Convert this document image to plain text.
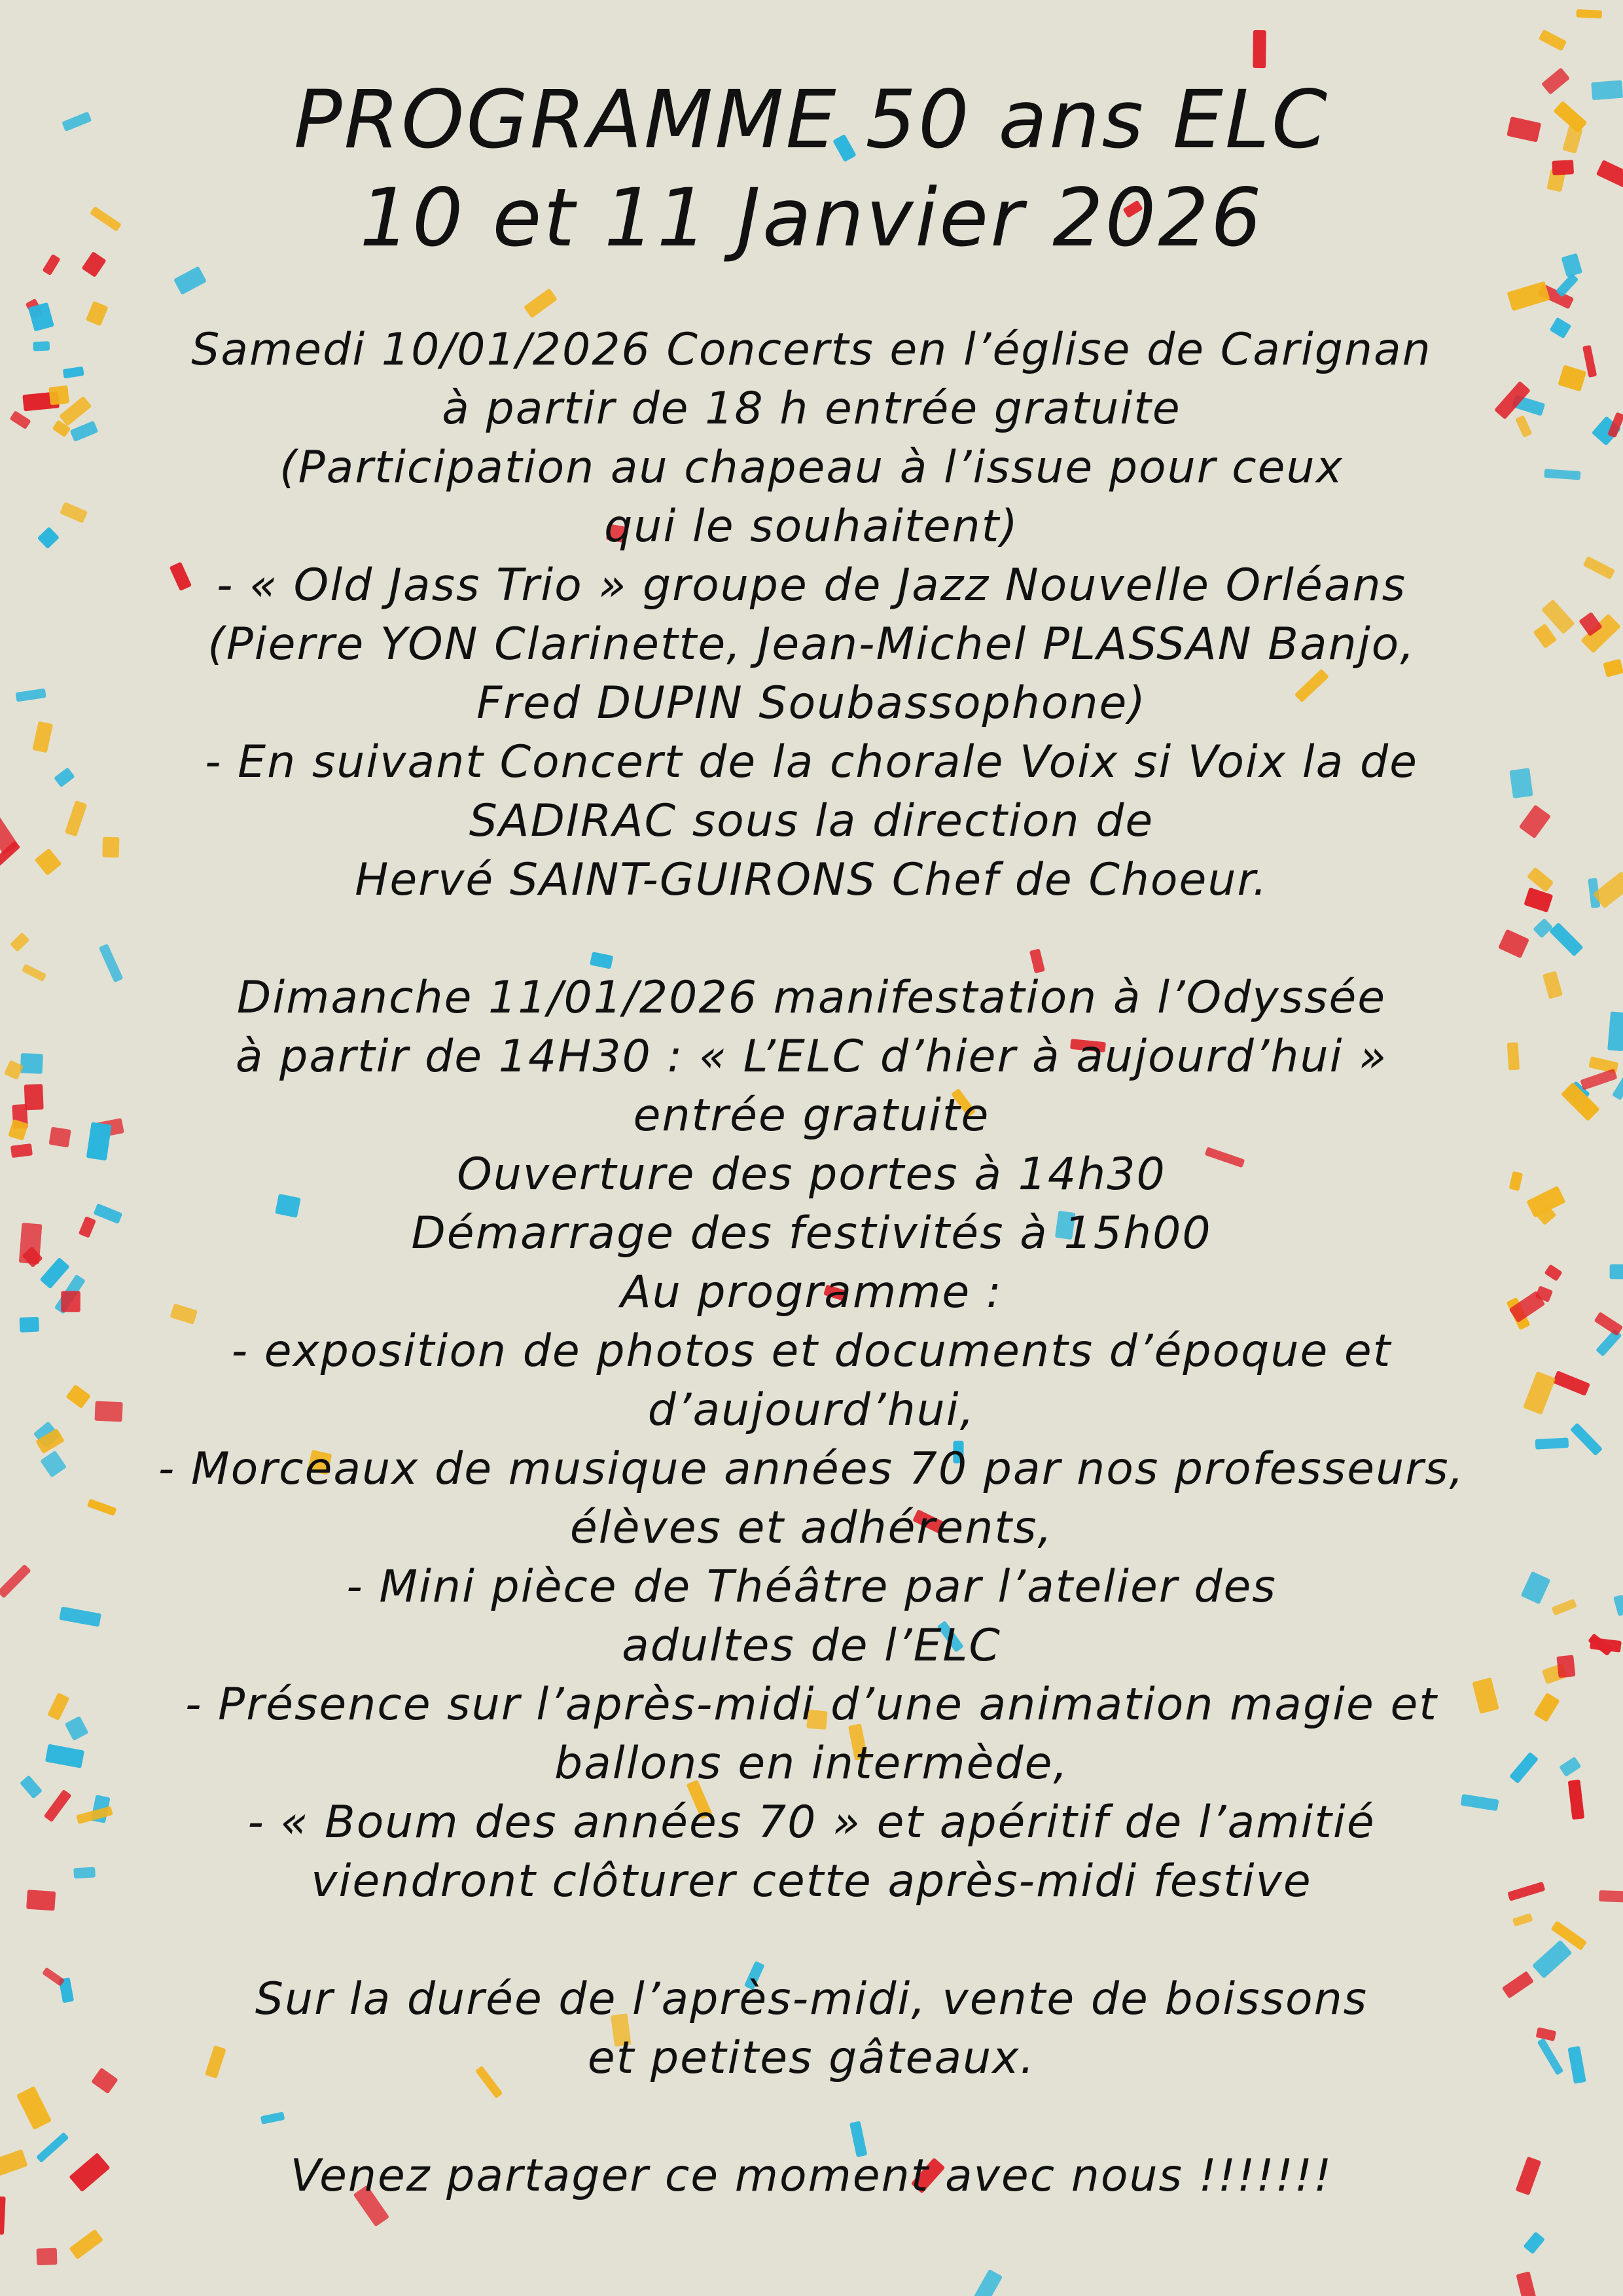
PROGRAMME 50 ans ELC
10 et 11 Janvier 2026
Samedi 10/01/2026 Concerts en l’église de Carignan
à partir de 18 h entrée gratuite
(Participation au chapeau à l’issue pour ceux
qui le souhaitent)
- « Old Jass Trio » groupe de Jazz Nouvelle Orléans
(Pierre YON Clarinette, Jean-Michel PLASSAN Banjo,
Fred DUPIN Soubassophone)
- En suivant Concert de la chorale Voix si Voix la de
SADIRAC sous la direction de
Hervé SAINT-GUIRONS Chef de Choeur.
Dimanche 11/01/2026 manifestation à l’Odyssée
à partir de 14H30 : « L’ELC d’hier à aujourd’hui »
entrée gratuite
Ouverture des portes à 14h30
Démarrage des festivités à 15h00
Au programme :
- exposition de photos et documents d’époque et
d’aujourd’hui,
- Morceaux de musique années 70 par nos professeurs,
élèves et adhérents,
- Mini pièce de Théâtre par l’atelier des
adultes de l’ELC
- Présence sur l’après-midi d’une animation magie et
ballons en intermède,
- « Boum des années 70 » et apéritif de l’amitié
viendront clôturer cette après-midi festive
Sur la durée de l’après-midi, vente de boissons
et petites gâteaux.
Venez partager ce moment avec nous !!!!!!!
